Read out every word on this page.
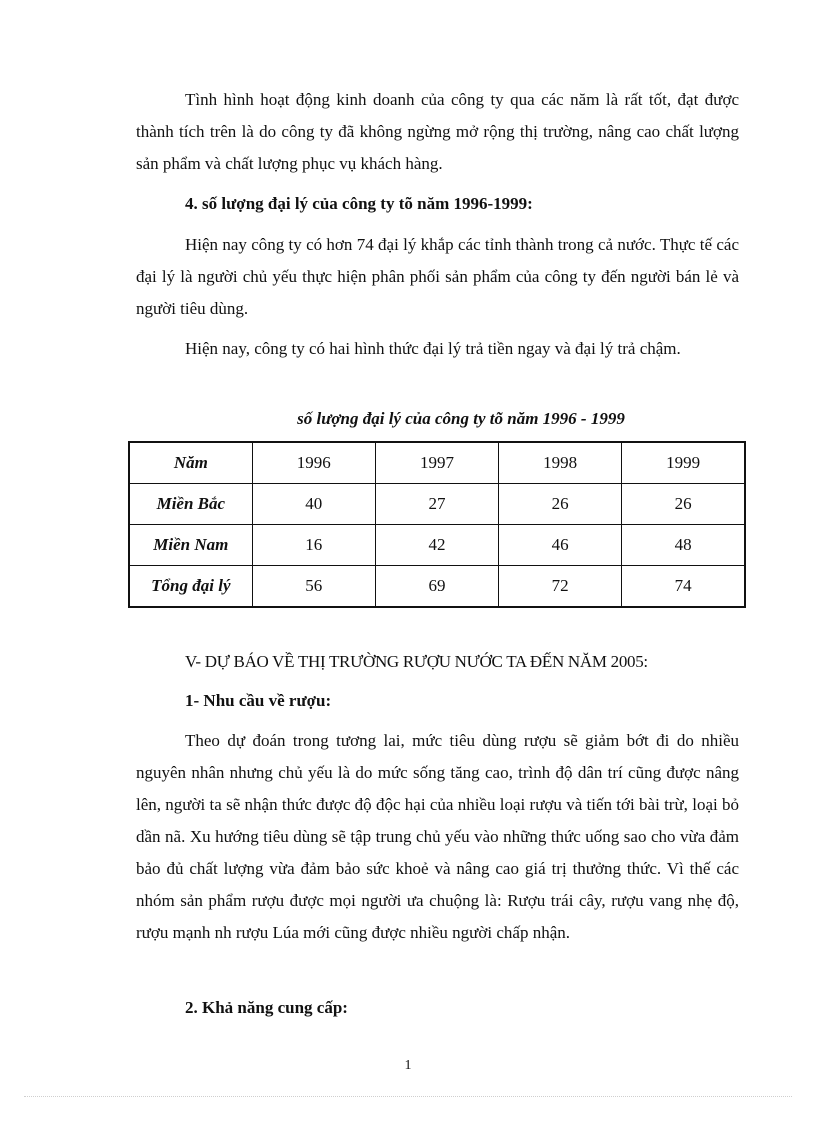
Tình hình hoạt động kinh doanh của công ty qua các năm là rất tốt, đạt được thành tích trên là do công ty đã không ngừng mở rộng thị trường, nâng cao chất lượng sản phẩm và chất lượng phục vụ khách hàng.

4. số lượng đại lý của công ty tõ năm 1996-1999:

Hiện nay công ty có hơn 74 đại lý khắp các tỉnh thành trong cả nước. Thực tế các đại lý là người chủ yếu thực hiện phân phối sản phẩm của công ty đến người bán lẻ và người tiêu dùng.

Hiện nay, công ty có hai hình thức đại lý trả tiền ngay và đại lý trả chậm.

số lượng đại lý của công ty tõ năm 1996 - 1999

Năm	1996	1997	1998	1999
Miền Bắc	40	27	26	26
Miền Nam	16	42	46	48
Tổng đại lý	56	69	72	74

V- DỰ BÁO VỀ THỊ TRƯỜNG RƯỢU NƯỚC TA ĐẾN NĂM 2005:

1- Nhu cầu về rượu:

Theo dự đoán trong tương lai, mức tiêu dùng rượu sẽ giảm bớt đi do nhiều nguyên nhân nhưng chủ yếu là do mức sống tăng cao, trình độ dân trí cũng được nâng lên, người ta sẽ nhận thức được độ độc hại của nhiều loại rượu và tiến tới bài trừ, loại bỏ dần nã. Xu hướng tiêu dùng sẽ tập trung chủ yếu vào những thức uống sao cho vừa đảm bảo đủ chất lượng vừa đảm bảo sức khoẻ và nâng cao giá trị thưởng thức. Vì thế các nhóm sản phẩm rượu được mọi người ưa chuộng là: Rượu trái cây, rượu vang nhẹ độ, rượu mạnh nh rượu Lúa mới cũng được nhiều người chấp nhận.

2. Khả năng cung cấp:

1
